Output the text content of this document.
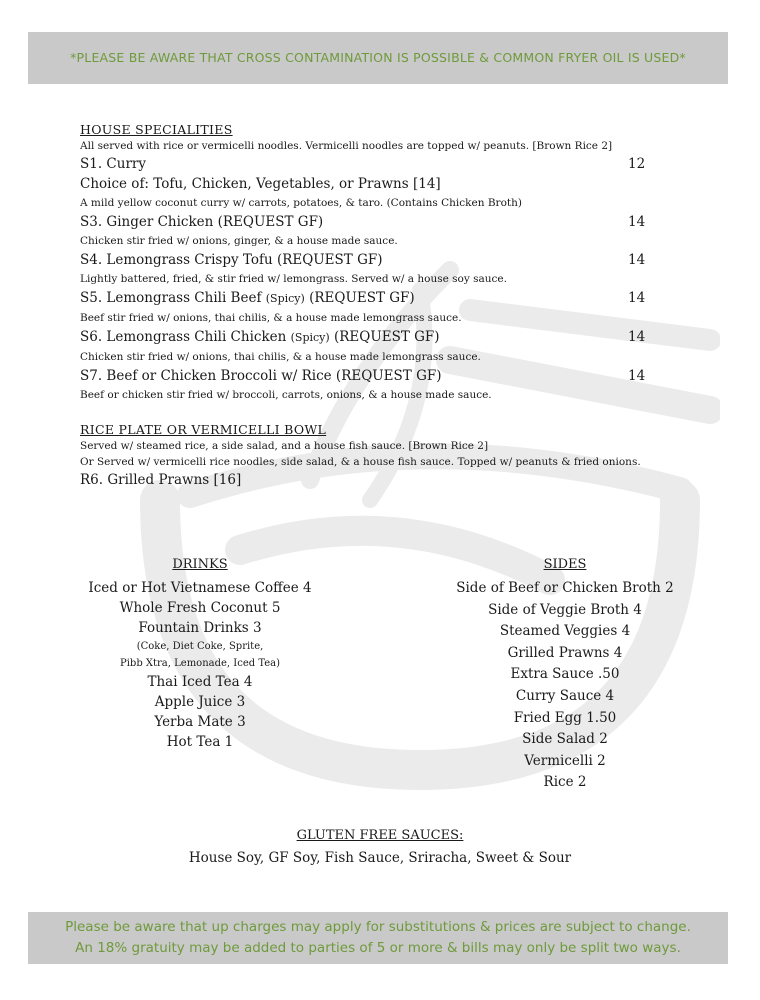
*PLEASE BE AWARE THAT CROSS CONTAMINATION IS POSSIBLE & COMMON FRYER OIL IS USED*

HOUSE SPECIALITIES

All served with rice or vermicelli noodles. Vermicelli noodles are topped w/ peanuts. [Brown Rice 2]

S1. Curry	12

Choice of: Tofu, Chicken, Vegetables, or Prawns [14]

A mild yellow coconut curry w/ carrots, potatoes, & taro. (Contains Chicken Broth)

S3. Ginger Chicken (REQUEST GF)	14

Chicken stir fried w/ onions, ginger, & a house made sauce.

S4. Lemongrass Crispy Tofu (REQUEST GF)	14

Lightly battered, fried, & stir fried w/ lemongrass. Served w/ a house soy sauce.

S5. Lemongrass Chili Beef (Spicy) (REQUEST GF)	14

Beef stir fried w/ onions, thai chilis, & a house made lemongrass sauce.

S6. Lemongrass Chili Chicken (Spicy) (REQUEST GF)	14

Chicken stir fried w/ onions, thai chilis, & a house made lemongrass sauce.

S7. Beef or Chicken Broccoli w/ Rice (REQUEST GF)	14

Beef or chicken stir fried w/ broccoli, carrots, onions, & a house made sauce.

RICE PLATE OR VERMICELLI BOWL

Served w/ steamed rice, a side salad, and a house fish sauce. [Brown Rice 2]

Or Served w/ vermicelli rice noodles, side salad, & a house fish sauce. Topped w/ peanuts & fried onions.

R6. Grilled Prawns [16]

DRINKS
Iced or Hot Vietnamese Coffee 4
Whole Fresh Coconut 5
Fountain Drinks 3
(Coke, Diet Coke, Sprite,
Pibb Xtra, Lemonade, Iced Tea)
Thai Iced Tea 4
Apple Juice 3
Yerba Mate 3
Hot Tea 1
SIDES
Side of Beef or Chicken Broth 2
Side of Veggie Broth 4
Steamed Veggies 4
Grilled Prawns 4
Extra Sauce .50
Curry Sauce 4
Fried Egg 1.50
Side Salad 2
Vermicelli 2
Rice 2
GLUTEN FREE SAUCES:
House Soy, GF Soy, Fish Sauce, Sriracha, Sweet & Sour
Please be aware that up charges may apply for substitutions & prices are subject to change.
An 18% gratuity may be added to parties of 5 or more & bills may only be split two ways.
